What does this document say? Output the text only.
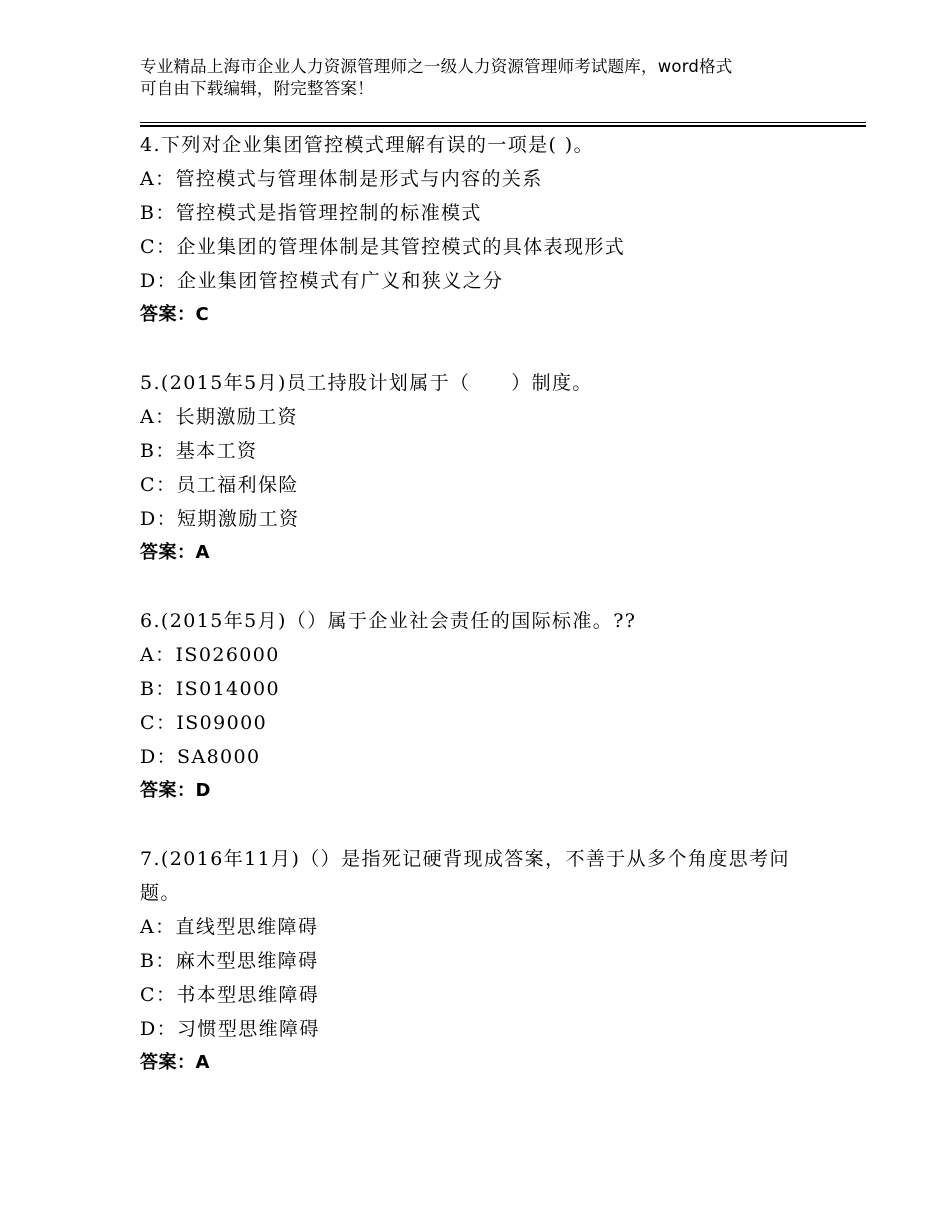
专业精品上海市企业人力资源管理师之一级人力资源管理师考试题库，word格式
可自由下载编辑，附完整答案！
4.下列对企业集团管控模式理解有误的一项是( )。
A：管控模式与管理体制是形式与内容的关系
B：管控模式是指管理控制的标准模式
C：企业集团的管理体制是其管控模式的具体表现形式
D：企业集团管控模式有广义和狭义之分
答案：C
5.(2015年5月)员工持股计划属于（　　）制度。
A：长期激励工资
B：基本工资
C：员工福利保险
D：短期激励工资
答案：A
6.(2015年5月)（）属于企业社会责任的国际标准。??
A：IS026000
B：IS014000
C：IS09000
D：SA8000
答案：D
7.(2016年11月)（）是指死记硬背现成答案，不善于从多个角度思考问题。
A：直线型思维障碍
B：麻木型思维障碍
C：书本型思维障碍
D：习惯型思维障碍
答案：A
